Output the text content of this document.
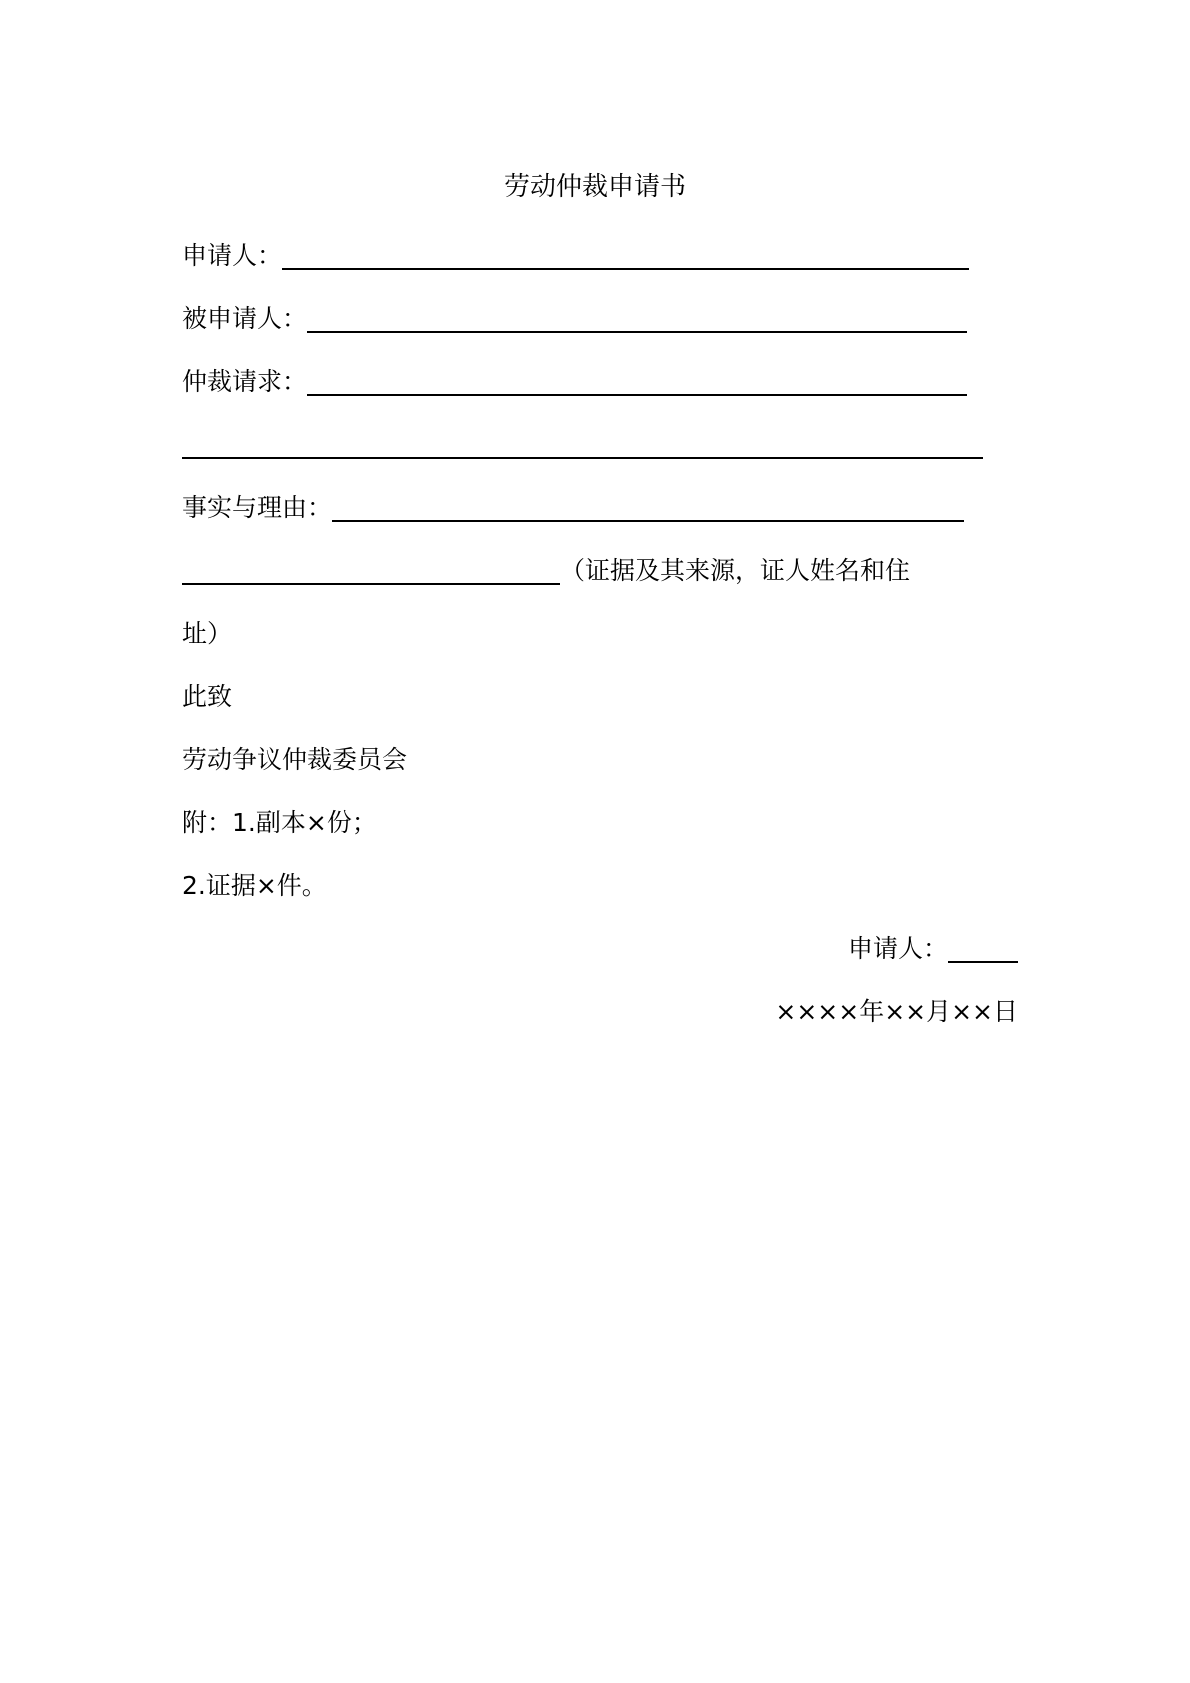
劳动仲裁申请书
申请人：
被申请人：
仲裁请求：
事实与理由：
（证据及其来源，证人姓名和住
址）
此致
劳动争议仲裁委员会
附： 1.副本×份；
2.证据×件。
申请人：
××××年××月××日
